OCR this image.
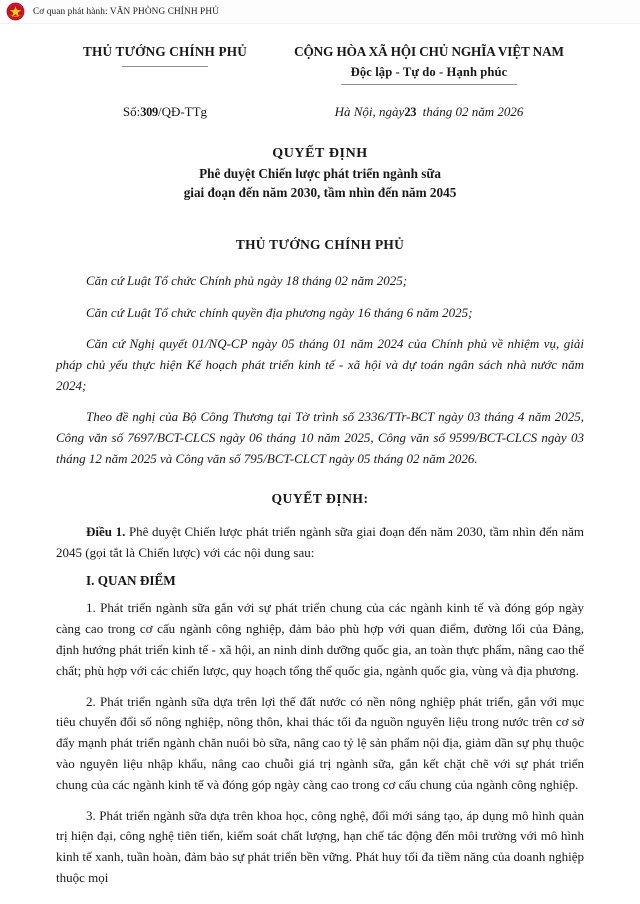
Cơ quan phát hành: VĂN PHÒNG CHÍNH PHỦ
THỦ TƯỚNG CHÍNH PHỦ	CỘNG HÒA XÃ HỘI CHỦ NGHĨA VIỆT NAM
Độc lập - Tự do - Hạnh phúc
Số:309/QĐ-TTg	Hà Nội, ngày23 tháng 02 năm 2026
QUYẾT ĐỊNH
Phê duyệt Chiến lược phát triển ngành sữa
giai đoạn đến năm 2030, tầm nhìn đến năm 2045
THỦ TƯỚNG CHÍNH PHỦ

Căn cứ Luật Tổ chức Chính phủ ngày 18 tháng 02 năm 2025;

Căn cứ Luật Tổ chức chính quyền địa phương ngày 16 tháng 6 năm 2025;

Căn cứ Nghị quyết 01/NQ-CP ngày 05 tháng 01 năm 2024 của Chính phủ về nhiệm vụ, giải pháp chủ yếu thực hiện Kế hoạch phát triển kinh tế - xã hội và dự toán ngân sách nhà nước năm 2024;

Theo đề nghị của Bộ Công Thương tại Tờ trình số 2336/TTr-BCT ngày 03 tháng 4 năm 2025, Công văn số 7697/BCT-CLCS ngày 06 tháng 10 năm 2025, Công văn số 9599/BCT-CLCS ngày 03 tháng 12 năm 2025 và Công văn số 795/BCT-CLCT ngày 05 tháng 02 năm 2026.

QUYẾT ĐỊNH:

Điều 1. Phê duyệt Chiến lược phát triển ngành sữa giai đoạn đến năm 2030, tầm nhìn đến năm 2045 (gọi tắt là Chiến lược) với các nội dung sau:

I. QUAN ĐIỂM

1. Phát triển ngành sữa gắn với sự phát triển chung của các ngành kinh tế và đóng góp ngày càng cao trong cơ cấu ngành công nghiệp, đảm bảo phù hợp với quan điểm, đường lối của Đảng, định hướng phát triển kinh tế - xã hội, an ninh dinh dưỡng quốc gia, an toàn thực phẩm, nâng cao thể chất; phù hợp với các chiến lược, quy hoạch tổng thể quốc gia, ngành quốc gia, vùng và địa phương.

2. Phát triển ngành sữa dựa trên lợi thế đất nước có nền nông nghiệp phát triển, gắn với mục tiêu chuyển đổi số nông nghiệp, nông thôn, khai thác tối đa nguồn nguyên liệu trong nước trên cơ sở đẩy mạnh phát triển ngành chăn nuôi bò sữa, nâng cao tỷ lệ sản phẩm nội địa, giảm dần sự phụ thuộc vào nguyên liệu nhập khẩu, nâng cao chuỗi giá trị ngành sữa, gắn kết chặt chẽ với sự phát triển chung của các ngành kinh tế và đóng góp ngày càng cao trong cơ cấu chung của ngành công nghiệp.

3. Phát triển ngành sữa dựa trên khoa học, công nghệ, đổi mới sáng tạo, áp dụng mô hình quản trị hiện đại, công nghệ tiên tiến, kiểm soát chất lượng, hạn chế tác động đến môi trường với mô hình kinh tế xanh, tuần hoàn, đảm bảo sự phát triển bền vững. Phát huy tối đa tiềm năng của doanh nghiệp thuộc mọi
